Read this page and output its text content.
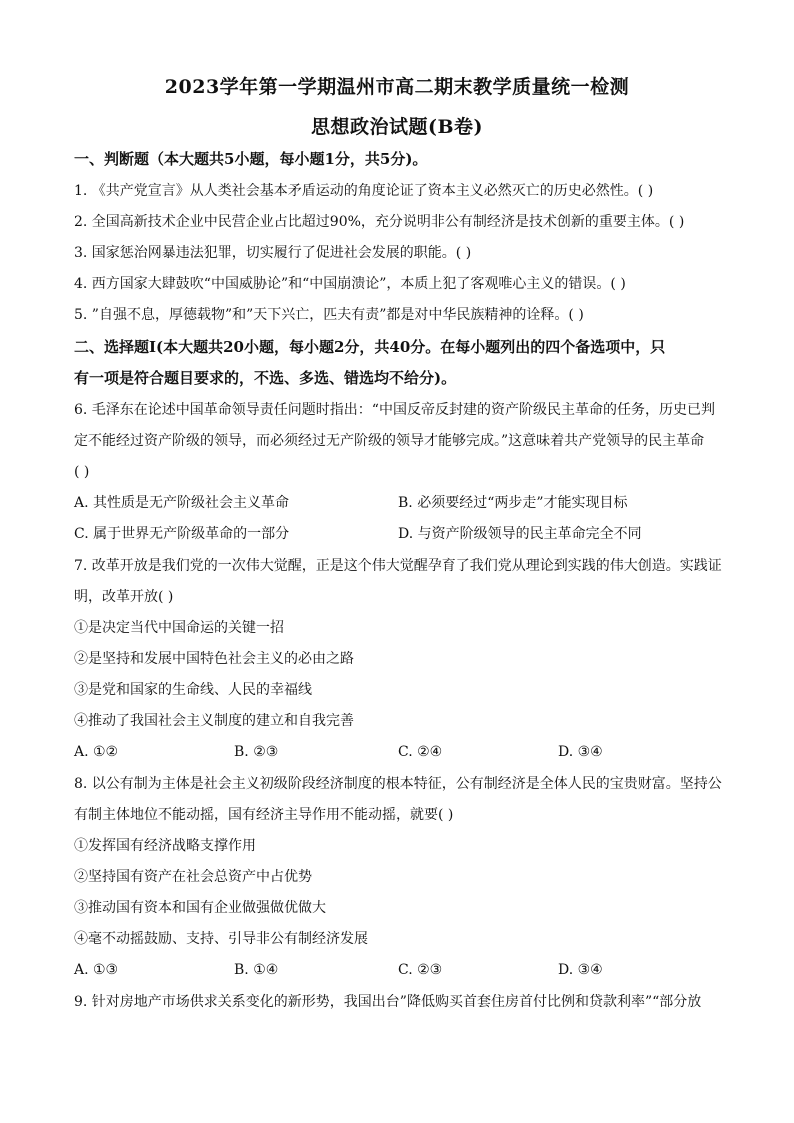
2023学年第一学期温州市高二期末教学质量统一检测
思想政治试题(B卷)
一、判断题（本大题共5小题，每小题1分，共5分)。
1. 《共产党宣言》从人类社会基本矛盾运动的角度论证了资本主义必然灭亡的历史必然性。( )
2. 全国高新技术企业中民营企业占比超过90%，充分说明非公有制经济是技术创新的重要主体。( )
3. 国家惩治网暴违法犯罪，切实履行了促进社会发展的职能。( )
4. 西方国家大肆鼓吹“中国威胁论”和“中国崩溃论”，本质上犯了客观唯心主义的错误。( )
5. ”自强不息，厚德载物”和”天下兴亡，匹夫有责”都是对中华民族精神的诠释。( )
二、选择题Ⅰ(本大题共20小题，每小题2分，共40分。在每小题列出的四个备选项中，只
有一项是符合题目要求的，不选、多选、错选均不给分)。
6. 毛泽东在论述中国革命领导责任问题时指出：“中国反帝反封建的资产阶级民主革命的任务，历史已判
定不能经过资产阶级的领导，而必须经过无产阶级的领导才能够完成。”这意味着共产党领导的民主革命
( )
A. 其性质是无产阶级社会主义革命	B. 必须要经过“两步走”才能实现目标
C. 属于世界无产阶级革命的一部分	D. 与资产阶级领导的民主革命完全不同
7. 改革开放是我们党的一次伟大觉醒，正是这个伟大觉醒孕育了我们党从理论到实践的伟大创造。实践证
明，改革开放( )
①是决定当代中国命运的关键一招
②是坚持和发展中国特色社会主义的必由之路
③是党和国家的生命线、人民的幸福线
④推动了我国社会主义制度的建立和自我完善
A. ①②	B. ②③	C. ②④	D. ③④
8. 以公有制为主体是社会主义初级阶段经济制度的根本特征，公有制经济是全体人民的宝贵财富。坚持公
有制主体地位不能动摇，国有经济主导作用不能动摇，就要( )
①发挥国有经济战略支撑作用
②坚持国有资产在社会总资产中占优势
③推动国有资本和国有企业做强做优做大
④毫不动摇鼓励、支持、引导非公有制经济发展
A. ①③	B. ①④	C. ②③	D. ③④
9. 针对房地产市场供求关系变化的新形势，我国出台”降低购买首套住房首付比例和贷款利率”“部分放
